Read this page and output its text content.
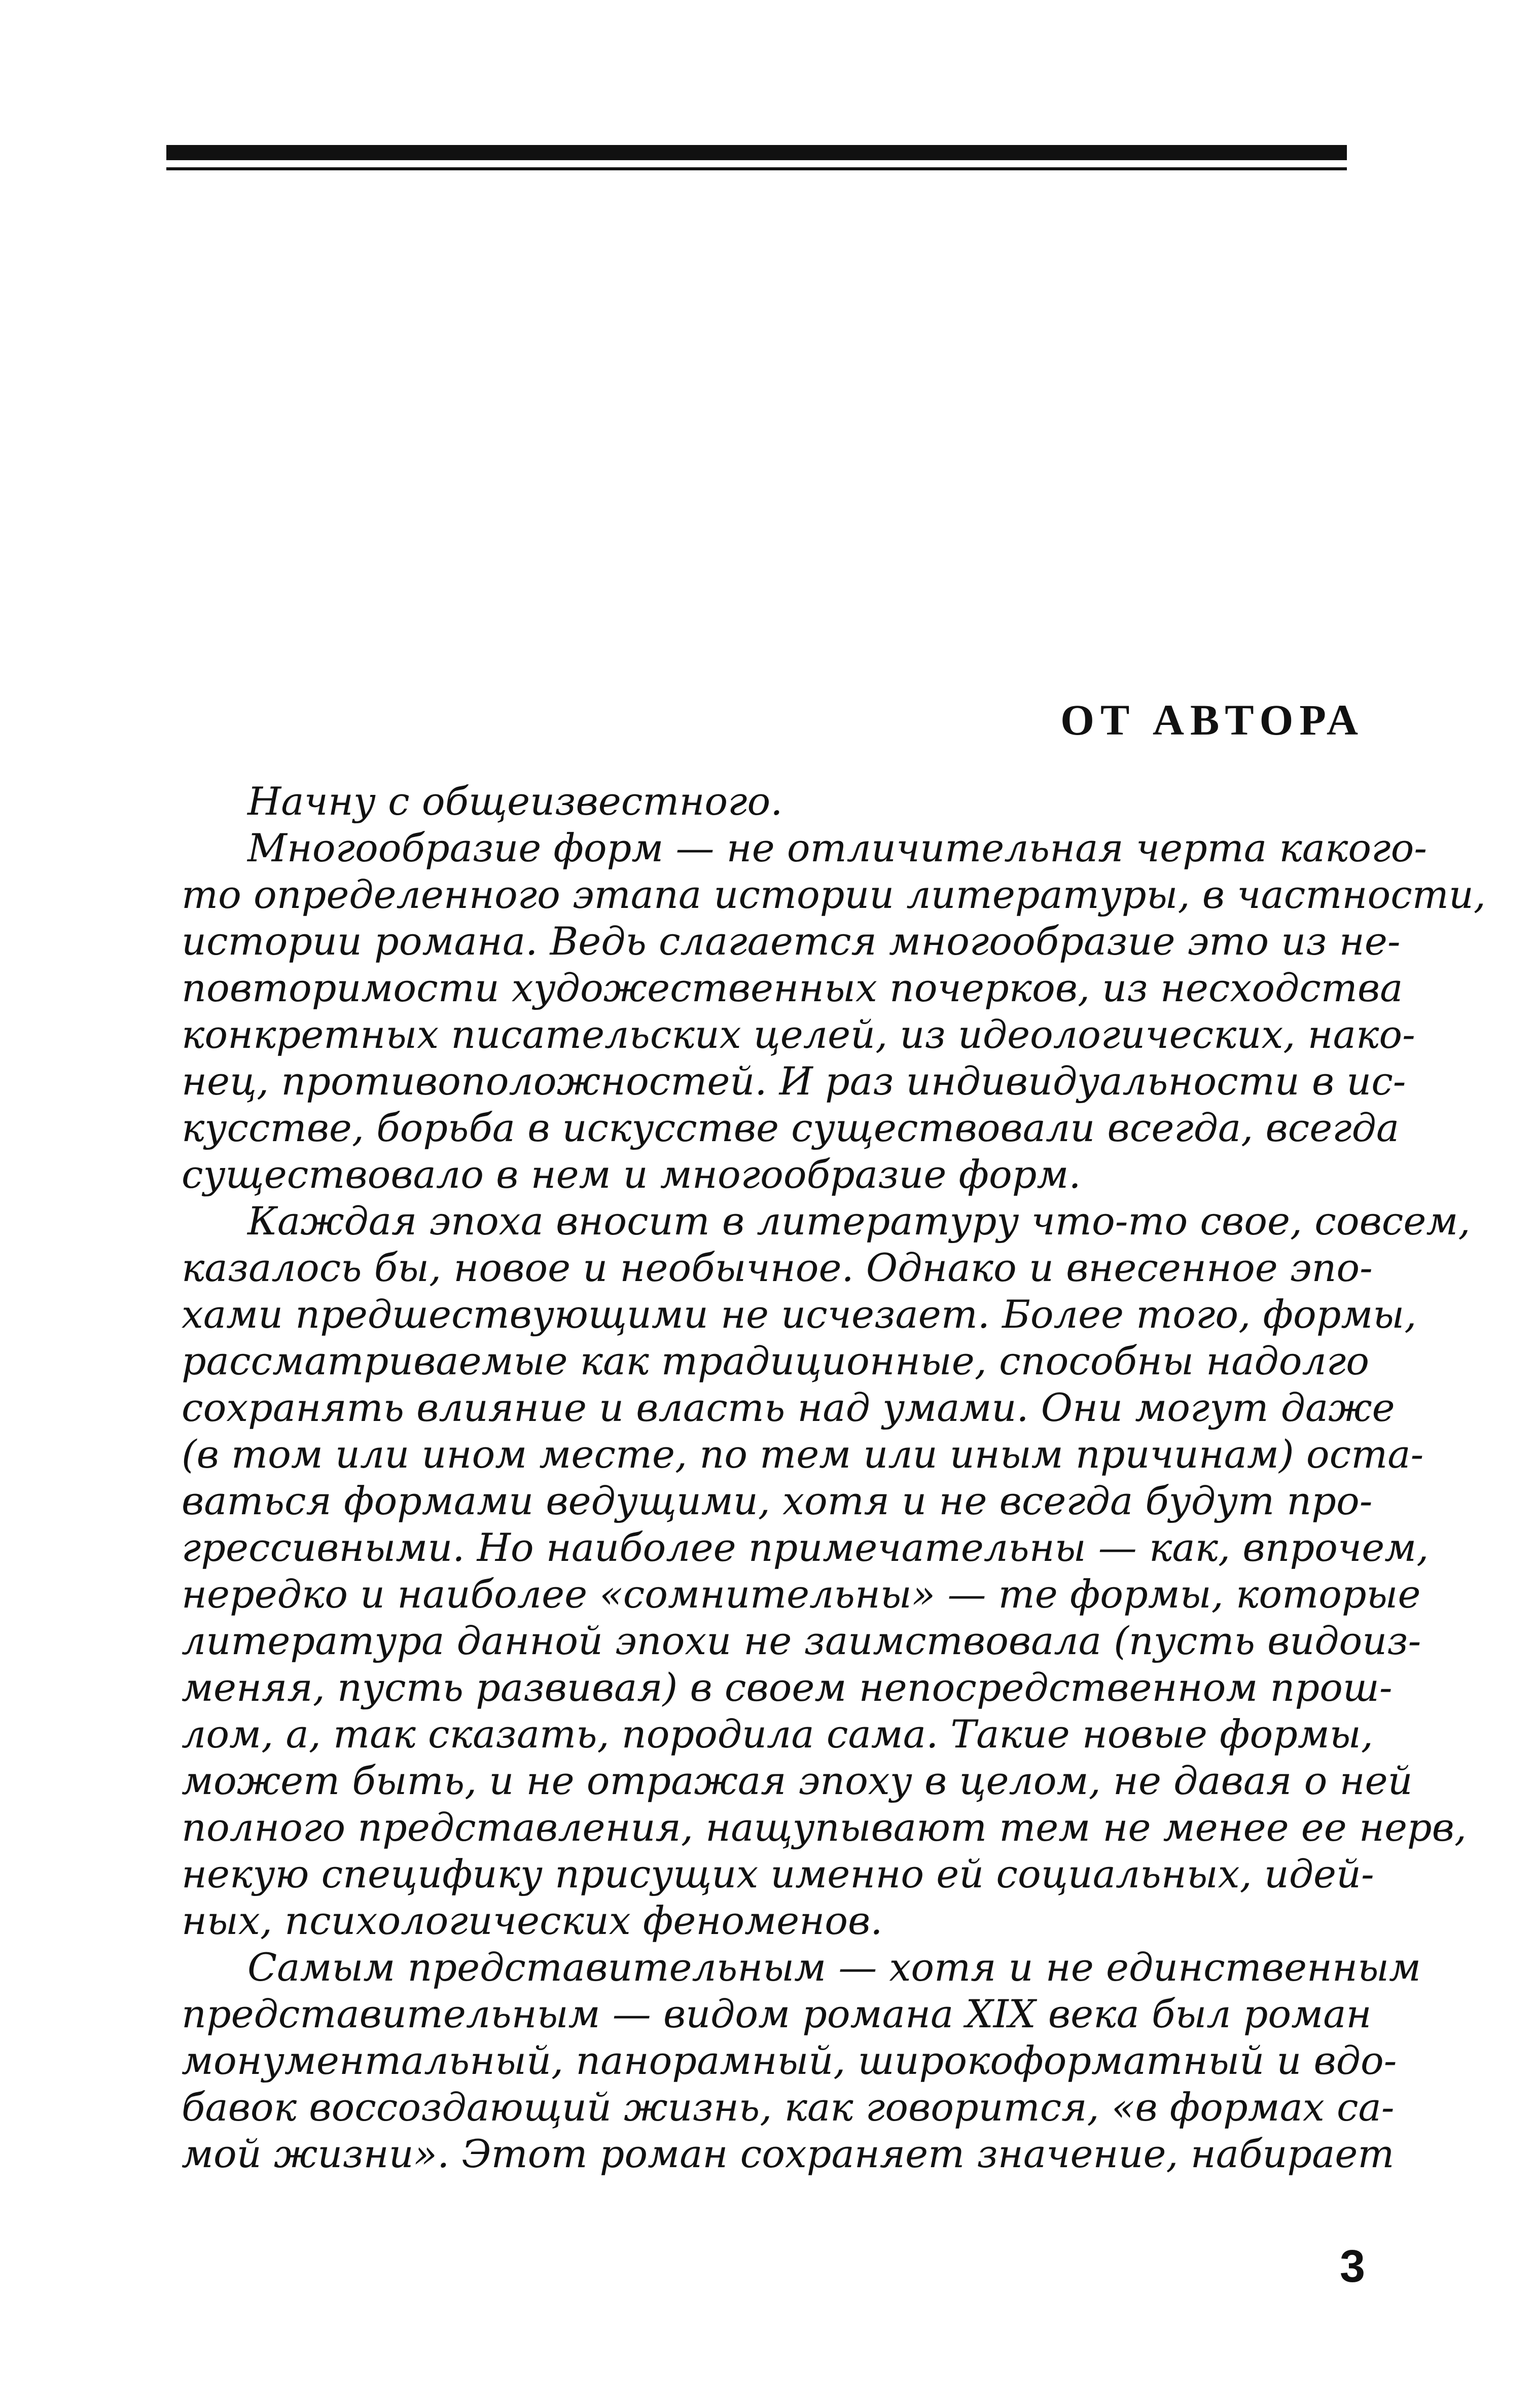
ОТ АВТОРА
Начну с общеизвестного.
Многообразие форм — не отличительная черта какого-
то определенного этапа истории литературы, в частности,
истории романа. Ведь слагается многообразие это из не-
повторимости художественных почерков, из несходства
конкретных писательских целей, из идеологических, нако-
нец, противоположностей. И раз индивидуальности в ис-
кусстве, борьба в искусстве существовали всегда, всегда
существовало в нем и многообразие форм.
Каждая эпоха вносит в литературу что-то свое, совсем,
казалось бы, новое и необычное. Однако и внесенное эпо-
хами предшествующими не исчезает. Более того, формы,
рассматриваемые как традиционные, способны надолго
сохранять влияние и власть над умами. Они могут даже
(в том или ином месте, по тем или иным причинам) оста-
ваться формами ведущими, хотя и не всегда будут про-
грессивными. Но наиболее примечательны — как, впрочем,
нередко и наиболее «сомнительны» — те формы, которые
литература данной эпохи не заимствовала (пусть видоиз-
меняя, пусть развивая) в своем непосредственном прош-
лом, а, так сказать, породила сама. Такие новые формы,
может быть, и не отражая эпоху в целом, не давая о ней
полного представления, нащупывают тем не менее ее нерв,
некую специфику присущих именно ей социальных, идей-
ных, психологических феноменов.
Самым представительным — хотя и не единственным
представительным — видом романа XIX века был роман
монументальный, панорамный, широкоформатный и вдо-
бавок воссоздающий жизнь, как говорится, «в формах са-
мой жизни». Этот роман сохраняет значение, набирает
3
